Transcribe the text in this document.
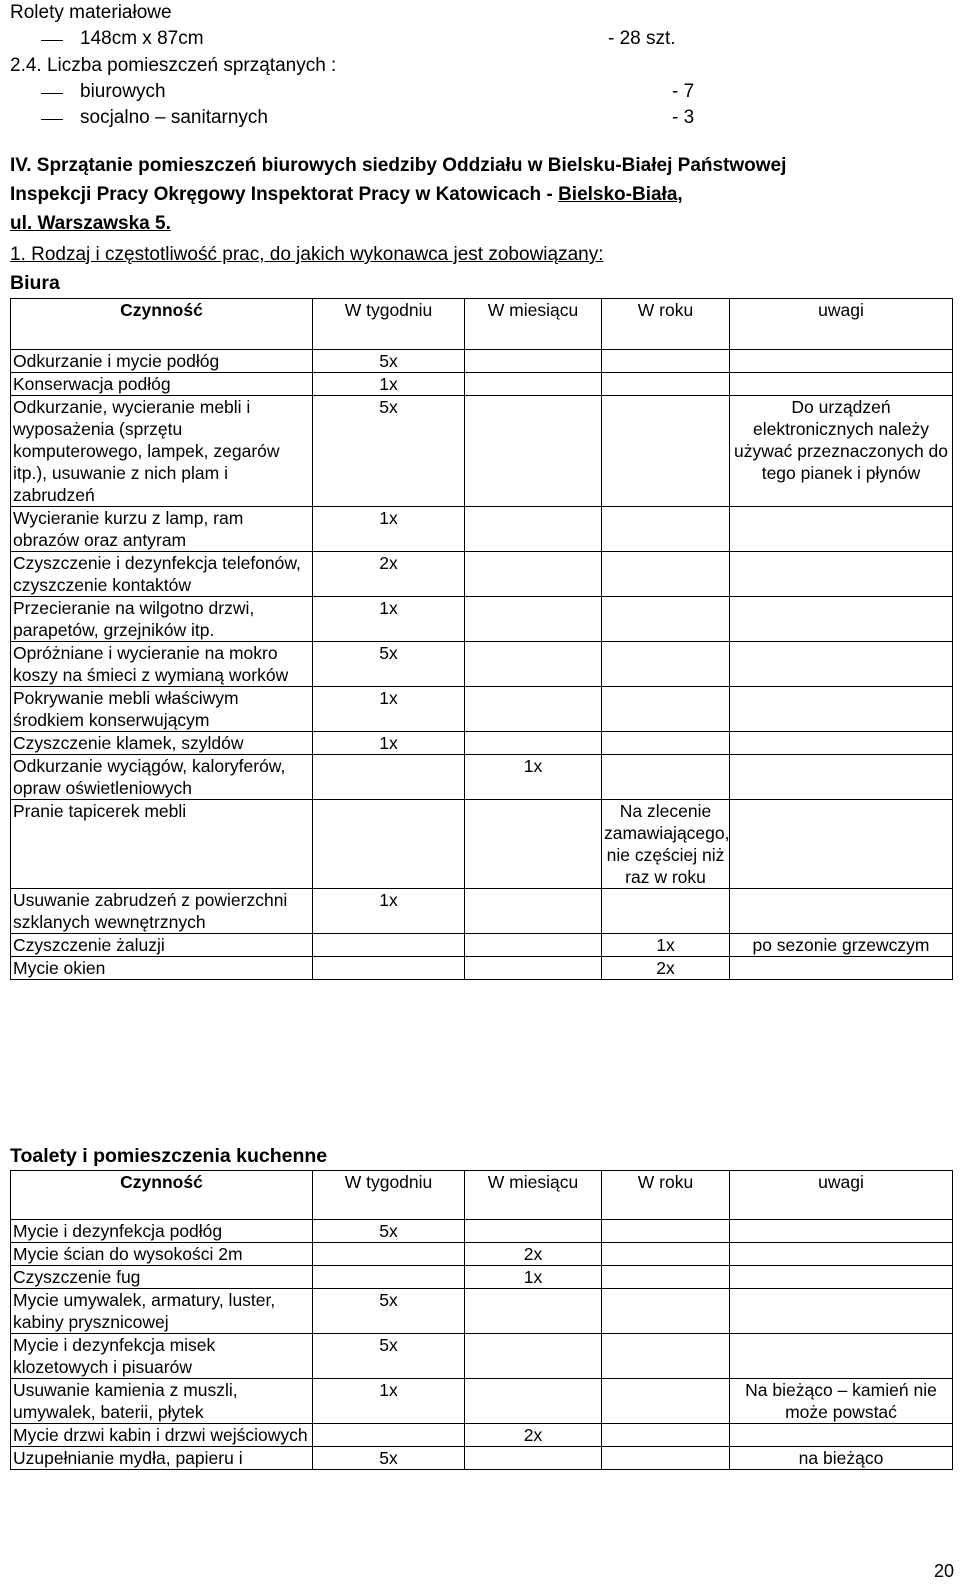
Rolety materiałowe
148cm x 87cm	- 28 szt.
2.4. Liczba pomieszczeń sprzątanych :
biurowych	- 7
socjalno – sanitarnych	- 3
IV. Sprzątanie pomieszczeń biurowych siedziby Oddziału w Bielsku-Białej Państwowej
Inspekcji Pracy Okręgowy Inspektorat Pracy w Katowicach - Bielsko-Biała,
ul. Warszawska 5.
1. Rodzaj i częstotliwość prac, do jakich wykonawca jest zobowiązany:
Biura
Czynność	W tygodniu	W miesiącu	W roku	uwagi
Odkurzanie i mycie podłóg	5x			
Konserwacja podłóg	1x			
Odkurzanie, wycieranie mebli i wyposażenia (sprzętu komputerowego, lampek, zegarów itp.), usuwanie z nich plam i zabrudzeń	5x			Do urządzeń elektronicznych należy używać przeznaczonych do tego pianek i płynów
Wycieranie kurzu z lamp, ram obrazów oraz antyram	1x			
Czyszczenie i dezynfekcja telefonów, czyszczenie kontaktów	2x			
Przecieranie na wilgotno drzwi, parapetów, grzejników itp.	1x			
Opróżniane i wycieranie na mokro koszy na śmieci z wymianą worków	5x			
Pokrywanie mebli właściwym środkiem konserwującym	1x			
Czyszczenie klamek, szyldów	1x			
Odkurzanie wyciągów, kaloryferów, opraw oświetleniowych		1x		
Pranie tapicerek mebli			Na zlecenie zamawiającego, nie częściej niż raz w roku	
Usuwanie zabrudzeń z powierzchni szklanych wewnętrznych	1x			
Czyszczenie żaluzji			1x	po sezonie grzewczym
Mycie okien			2x	
Toalety i pomieszczenia kuchenne
Czynność	W tygodniu	W miesiącu	W roku	uwagi
Mycie i dezynfekcja podłóg	5x			
Mycie ścian do wysokości 2m		2x		
Czyszczenie fug		1x		
Mycie umywalek, armatury, luster, kabiny prysznicowej	5x			
Mycie i dezynfekcja misek klozetowych i pisuarów	5x			
Usuwanie kamienia z muszli, umywalek, baterii, płytek	1x			Na bieżąco – kamień nie może powstać
Mycie drzwi kabin i drzwi wejściowych		2x		
Uzupełnianie mydła, papieru i	5x			na bieżąco
20
